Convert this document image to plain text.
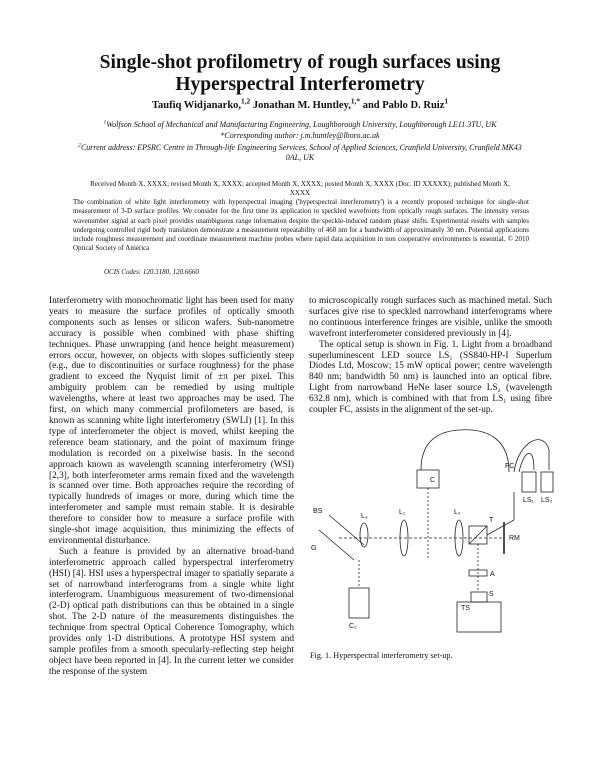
Single-shot profilometry of rough surfaces using Hyperspectral Interferometry
Taufiq Widjanarko,$^{1,2}$ Jonathan M. Huntley,$^{1,*}$ and Pablo D. Ruiz$^1$
$^1$Wolfson School of Mechanical and Manufacturing Engineering, Loughborough University, Loughborough LE11 3TU, UK
*Corresponding author: j.m.huntley@lboro.ac.uk
$^2$Current address: EPSRC Centre in Through-life Engineering Services, School of Applied Sciences, Cranfield University, Cranfield MK43 0AL, UK
Received Month X, XXXX; revised Month X, XXXX; accepted Month X, XXXX; posted Month X, XXXX (Doc. ID XXXXX); published Month X, XXXX
The combination of white light interferometry with hyperspectral imaging ('hyperspectral interferometry') is a recently proposed technique for single-shot measurement of 3-D surface profiles. We consider for the first time its application to speckled wavefronts from optically rough surfaces. The intensity versus wavenumber signal at each pixel provides unambiguous range information despite the speckle-induced random phase shifts. Experimental results with samples undergoing controlled rigid body translation demonstrate a measurement repeatability of 460 nm for a bandwidth of approximately 30 nm. Potential applications include roughness measurement and coordinate measurement machine probes where rapid data acquisition in non cooperative environments is essential. © 2010 Optical Society of America
OCIS Codes: 120.3180, 120.6660

Interferometry with monochromatic light has been used for many years to measure the surface profiles of optically smooth components such as lenses or silicon wafers. Sub-nanometre accuracy is possible when combined with phase shifting techniques. Phase unwrapping (and hence height measurement) errors occur, however, on objects with slopes sufficiently steep (e.g., due to discontinuities or surface roughness) for the phase gradient to exceed the Nyquist limit of ±π per pixel. This ambiguity problem can be remedied by using multiple wavelengths, where at least two approaches may be used. The first, on which many commercial profilometers are based, is known as scanning white light interferometry (SWLI) [1]. In this type of interferometer the object is moved, whilst keeping the reference beam stationary, and the point of maximum fringe modulation is recorded on a pixelwise basis. In the second approach known as wavelength scanning interferometry (WSI) [2,3], both interferometer arms remain fixed and the wavelength is scanned over time. Both approaches require the recording of typically hundreds of images or more, during which time the interferometer and sample must remain stable. It is desirable therefore to consider how to measure a surface profile with single-shot image acquisition, thus minimizing the effects of environmental disturbance.

Such a feature is provided by an alternative broad-band interferometric approach called hyperspectral interferometry (HSI) [4]. HSI uses a hyperspectral imager to spatially separate a set of narrowband interferograms from a single white light interferogram. Unambiguous measurement of two-dimensional (2-D) optical path distributions can thus be obtained in a single shot. The 2-D nature of the measurements distinguishes the technique from spectral Optical Coherence Tomography, which provides only 1-D distributions. A prototype HSI system and sample profiles from a smooth specularly-reflecting step height object have been reported in [4]. In the current letter we consider the response of the system

to microscopically rough surfaces such as machined metal. Such surfaces give rise to speckled narrowband interferograms where no continuous interference fringes are visible, unlike the smooth wavefront interferometer considered previously in [4].

The optical setup is shown in Fig. 1. Light from a broadband superluminescent LED source LS₁ (SS840-HP-I Superlum Diodes Ltd, Moscow; 15 mW optical power; centre wavelength 840 nm; bandwidth 50 nm) is launched into an optical fibre. Light from narrowband HeNe laser source LS₂ (wavelength 632.8 nm), which is combined with that from LS₁ using fibre coupler FC, assists in the alignment of the set-up.

C
FC
LS₁ LS₂
BS
G
L₃
L₁	L₂
T
RM
A
TS
S
C₂
Fig. 1. Hyperspectral interferometry set-up.
